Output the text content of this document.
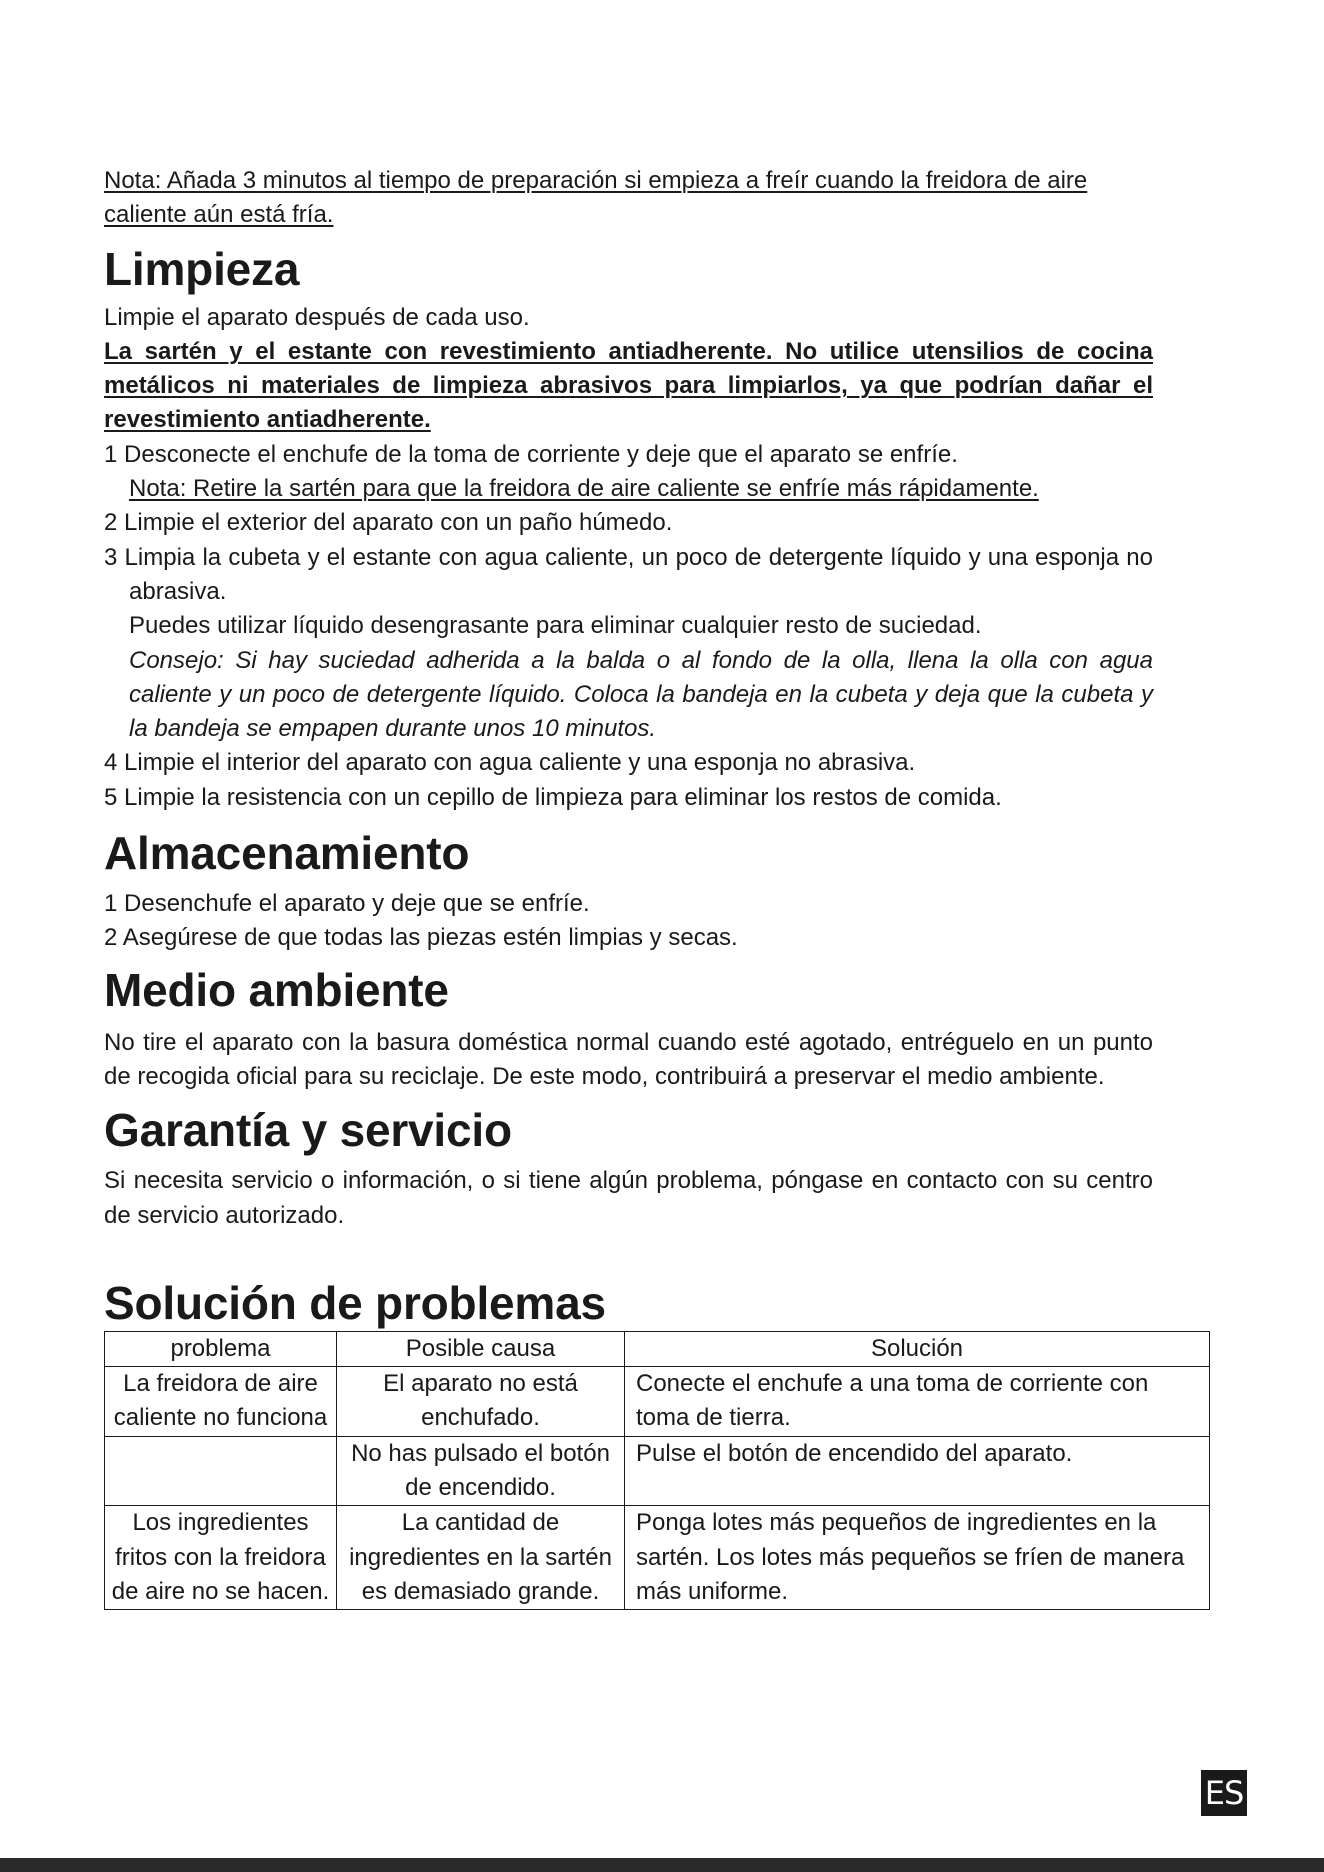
Nota: Añada 3 minutos al tiempo de preparación si empieza a freír cuando la freidora de aire caliente aún está fría.

Limpieza

Limpie el aparato después de cada uso.

La sartén y el estante con revestimiento antiadherente. No utilice utensilios de cocina metálicos ni materiales de limpieza abrasivos para limpiarlos, ya que podrían dañar el revestimiento antiadherente.

1 Desconecte el enchufe de la toma de corriente y deje que el aparato se enfríe.

Nota: Retire la sartén para que la freidora de aire caliente se enfríe más rápidamente.

2 Limpie el exterior del aparato con un paño húmedo.

3 Limpia la cubeta y el estante con agua caliente, un poco de detergente líquido y una esponja no abrasiva.

Puedes utilizar líquido desengrasante para eliminar cualquier resto de suciedad.

Consejo: Si hay suciedad adherida a la balda o al fondo de la olla, llena la olla con agua caliente y un poco de detergente líquido. Coloca la bandeja en la cubeta y deja que la cubeta y la bandeja se empapen durante unos 10 minutos.

4 Limpie el interior del aparato con agua caliente y una esponja no abrasiva.

5 Limpie la resistencia con un cepillo de limpieza para eliminar los restos de comida.

Almacenamiento

1 Desenchufe el aparato y deje que se enfríe.

2 Asegúrese de que todas las piezas estén limpias y secas.

Medio ambiente

No tire el aparato con la basura doméstica normal cuando esté agotado, entréguelo en un punto de recogida oficial para su reciclaje. De este modo, contribuirá a preservar el medio ambiente.

Garantía y servicio

Si necesita servicio o información, o si tiene algún problema, póngase en contacto con su centro de servicio autorizado.

Solución de problemas
problema	Posible causa	Solución
La freidora de aire caliente no funciona	El aparato no está enchufado.	Conecte el enchufe a una toma de corriente con toma de tierra.
	No has pulsado el botón de encendido.	Pulse el botón de encendido del aparato.
Los ingredientes fritos con la freidora de aire no se hacen.	La cantidad de ingredientes en la sartén es demasiado grande.	Ponga lotes más pequeños de ingredientes en la sartén. Los lotes más pequeños se fríen de manera más uniforme.
ES
